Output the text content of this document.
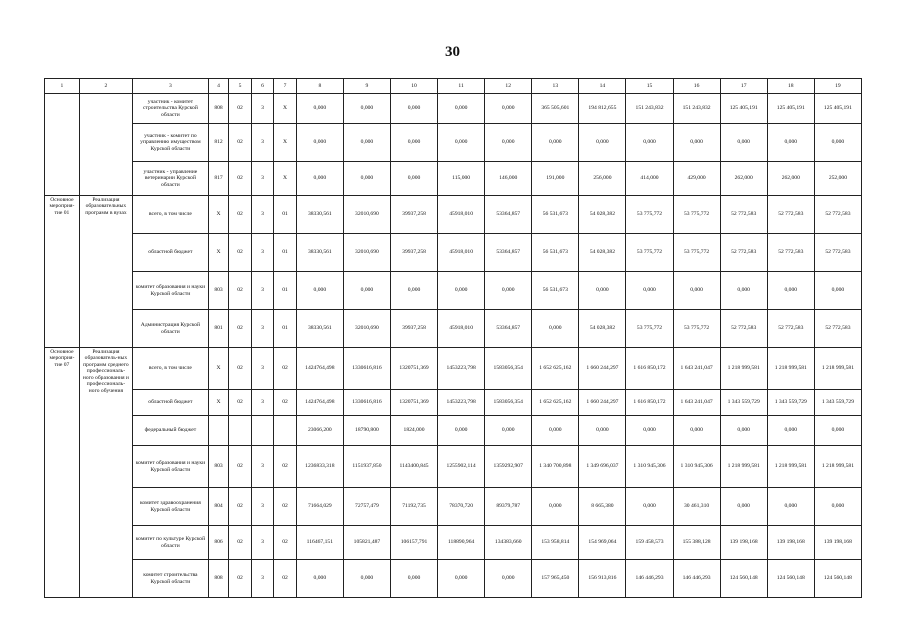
30
1	2	3	4	5	6	7	8	9	10	11	12	13	14	15	16	17	18	19
		участник - комитет строительства Курской области	808	02	3	Х	0,000	0,000	0,000	0,000	0,000	365 505,601	194 812,655	151 243,832	151 243,832	125 405,191	125 405,191	125 405,191
		участник - комитет по управлению имуществом Курской области	812	02	3	Х	0,000	0,000	0,000	0,000	0,000	0,000	0,000	0,000	0,000	0,000	0,000	0,000
		участник - управление ветеринарии Курской области	817	02	3	Х	0,000	0,000	0,000	115,000	146,000	191,000	256,000	414,000	429,000	262,000	262,000	252,000
Основное мероприя-тие 01	Реализация образовательных программ в вузах	всего, в том числе	Х	02	3	01	38330,561	32010,690	39937,258	45918,010	53364,857	56 531,673	54 028,382	53 775,772	53 775,772	52 772,583	52 772,583	52 772,583
		областной бюджет	Х	02	3	01	38330,561	32010,690	39937,258	45918,010	53364,857	56 531,673	54 028,382	53 775,772	53 775,772	52 772,583	52 772,583	52 772,583
		комитет образования и науки Курской области	803	02	3	01	0,000	0,000	0,000	0,000	0,000	56 531,673	0,000	0,000	0,000	0,000	0,000	0,000
		Администрация Курской области	801	02	3	01	38330,561	32010,690	39937,258	45918,010	53364,857	0,000	54 028,382	53 775,772	53 775,772	52 772,583	52 772,583	52 772,583
Основное мероприя-тие 07	Реализация образователь-ных программ среднего профессиональ-ного образования и профессиональ-ного обучения	всего, в том числе	Х	02	3	02	1424764,498	1330616,816	1320751,369	1453223,798	1583056,354	1 652 625,162	1 660 244,297	1 616 850,172	1 643 241,047	1 218 999,581	1 218 999,581	1 218 999,581
		областной бюджет	Х	02	3	02	1424764,498	1330616,816	1320751,369	1453223,798	1583056,354	1 652 625,162	1 660 244,297	1 616 850,172	1 643 241,047	1 343 559,729	1 343 559,729	1 343 559,729
		федеральный бюджет					23066,200	18790,800	1824,000	0,000	0,000	0,000	0,000	0,000	0,000	0,000	0,000	0,000
		комитет образования и науки Курской области	803	02	3	02	1236833,318	1151937,850	1143400,845	1255902,114	1359292,907	1 340 700,898	1 349 696,037	1 310 945,306	1 310 945,306	1 218 999,581	1 218 999,581	1 218 999,581
		комитет здравоохранения Курской области	804	02	3	02	71664,029	72757,479	71192,735	78370,720	89379,787	0,000	8 665,380	0,000	30 461,310	0,000	0,000	0,000
		комитет по культуре Курской области	806	02	3	02	116467,151	105821,487	106157,791	118890,964	134383,660	153 958,814	154 969,064	159 458,573	155 388,128	139 198,168	139 198,168	139 198,168
		комитет строительства Курской области	808	02	3	02	0,000	0,000	0,000	0,000	0,000	157 965,450	156 913,816	146 446,293	146 446,293	124 560,148	124 560,148	124 560,148
